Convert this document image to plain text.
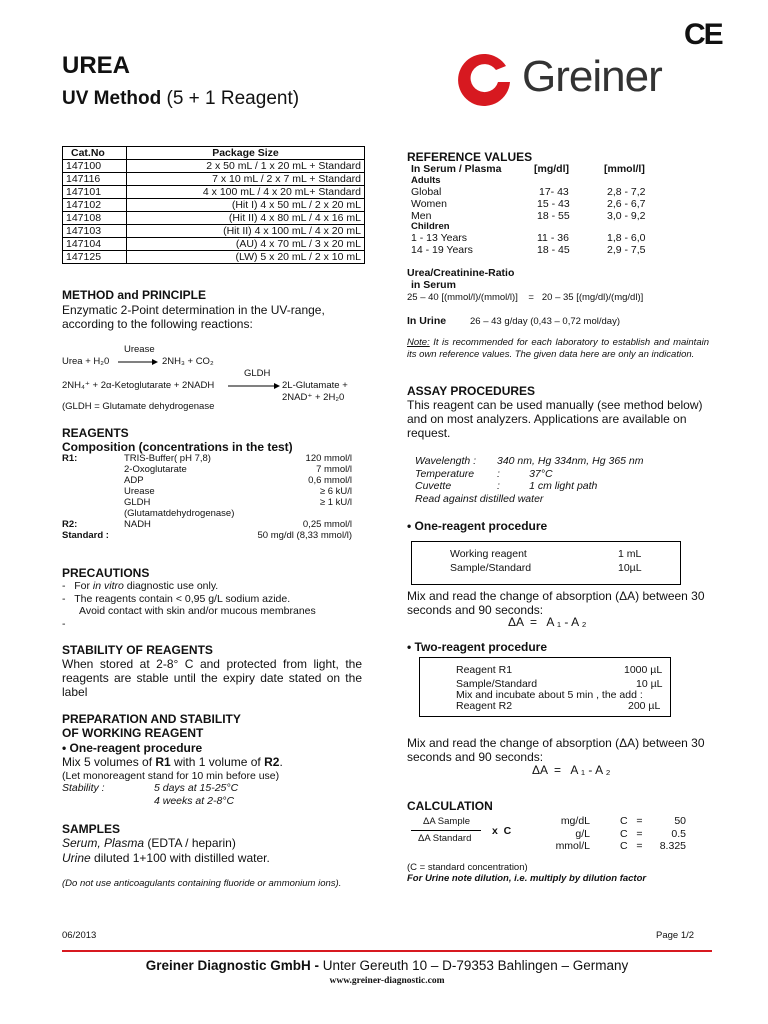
UREA
UV Method (5 + 1 Reagent)	Greiner
CE
Cat.No	Package Size
147100	2 x 50 mL / 1 x 20 mL + Standard
147116	7 x 10 mL / 2 x 7 mL + Standard
147101	4 x 100 mL / 4 x 20 mL+ Standard
147102	(Hit I) 4 x 50 mL / 2 x 20 mL
147108	(Hit II) 4 x 80 mL / 4 x 16 mL
147103	(Hit II) 4 x 100 mL / 4 x 20 mL
147104	(AU) 4 x 70 mL / 3 x 20 mL
147125	(LW) 5 x 20 mL / 2 x 10 mL
METHOD and PRINCIPLE
Enzymatic 2-Point determination in the UV-range, according to the following reactions:
Urease
Urea + H₂0	2NH₃ + CO₂
GLDH
2NH₄⁺ + 2α-Ketoglutarate + 2NADH	2L-Glutamate +
2NAD⁺ + 2H₂0
(GLDH = Glutamate dehydrogenase
REAGENTS
Composition (concentrations in the test)
R1:	TRIS-Buffer( pH 7,8)	120 mmol/l
2-Oxoglutarate	7 mmol/l
ADP	0,6 mmol/l
Urease	≥ 6 kU/l
GLDH	≥ 1 kU/l
(Glutamatdehydrogenase)
R2:	NADH	0,25 mmol/l
Standard :	50 mg/dl (8,33 mmol/l)
PRECAUTIONS
-   For in vitro diagnostic use only.
-   The reagents contain < 0,95 g/L sodium azide.
Avoid contact with skin and/or mucous membranes
-
STABILITY OF REAGENTS
When stored at 2-8° C and protected from light, the reagents are stable until the expiry date stated on the label
PREPARATION AND STABILITY
OF WORKING REAGENT
• One-reagent procedure
Mix 5 volumes of R1 with 1 volume of R2.
(Let monoreagent stand for 10 min before use)
Stability :	5 days at 15-25°C
4 weeks at 2-8°C
SAMPLES
Serum, Plasma (EDTA / heparin)
Urine diluted 1+100 with distilled water.
(Do not use anticoagulants containing fluoride or ammonium ions).
REFERENCE VALUES
In Serum / Plasma	[mg/dl]	[mmol/l]
Adults
Global	17- 43	2,8 - 7,2
Women	15 - 43	2,6 - 6,7
Men	18 - 55	3,0 - 9,2
Children
1 - 13 Years	11 - 36	1,8 - 6,0
14 - 19 Years	18 - 45	2,9 - 7,5
Urea/Creatinine-Ratio
in Serum
25 – 40 [(mmol/l)/(mmol/l)]    =   20 – 35 [(mg/dl)/(mg/dl)]
In Urine	26 – 43 g/day (0,43 – 0,72 mol/day)
Note: It is recommended for each laboratory to establish and maintain its own reference values. The given data here are only an indication.
ASSAY PROCEDURES
This reagent can be used manually (see method below) and on most analyzers. Applications are available on request.
Wavelength : 340 nm, Hg 334nm, Hg 365 nm
Temperature :          37°C
Cuvette	:          1 cm light path
Read against distilled water
• One-reagent procedure
Working reagent	1 mL
Sample/Standard	10µL
Mix and read the change of absorption (ΔA) between 30 seconds and 90 seconds:
ΔA  =   A ₁ - A ₂
• Two-reagent procedure
Reagent R1	1000 µL
Sample/Standard	10 µL
Mix and incubate about 5 min , the add :
Reagent R2	200 µL
Mix and read the change of absorption (ΔA) between 30 seconds and 90 seconds:
ΔA  =   A ₁ - A ₂
CALCULATION
ΔA Sample
ΔA Standard
x  C
mg/dL	C   =	50
g/L	C   =	0.5
mmol/L	C   = 8.325
(C = standard concentration)
For Urine note dilution, i.e. multiply by dilution factor
06/2013	Page 1/2
Greiner Diagnostic GmbH - Unter Gereuth 10 – D-79353 Bahlingen – Germany
www.greiner-diagnostic.com
